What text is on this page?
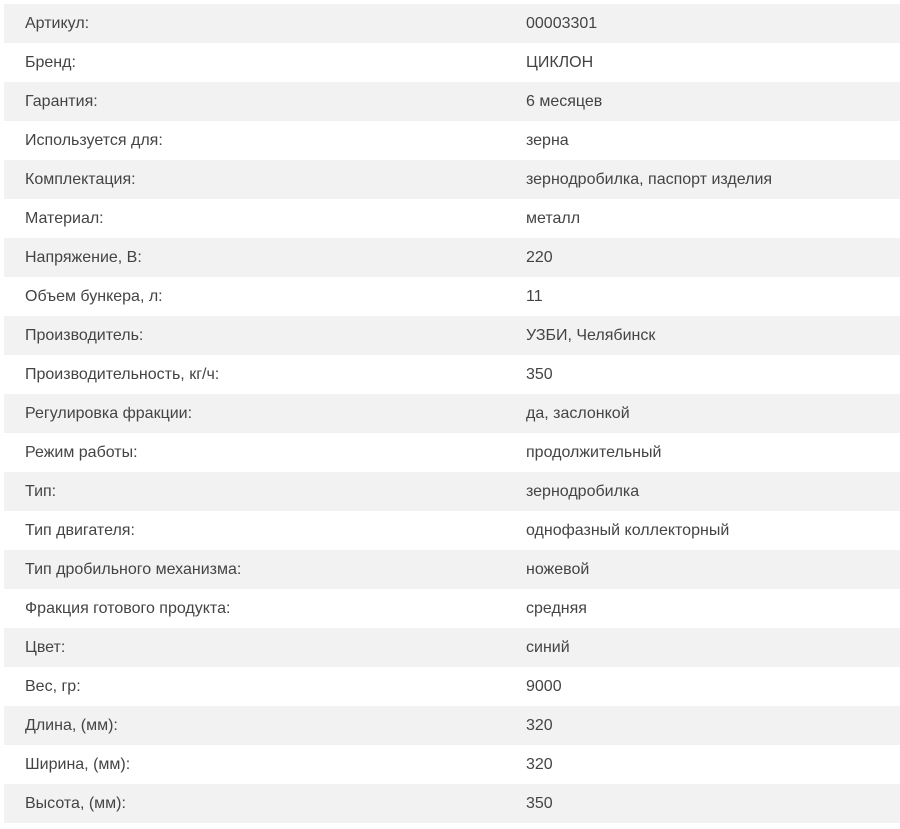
Артикул:	00003301
Бренд:	ЦИКЛОН
Гарантия:	6 месяцев
Используется для:	зерна
Комплектация:	зернодробилка, паспорт изделия
Материал:	металл
Напряжение, В:	220
Объем бункера, л:	11
Производитель:	УЗБИ, Челябинск
Производительность, кг/ч:	350
Регулировка фракции:	да, заслонкой
Режим работы:	продолжительный
Тип:	зернодробилка
Тип двигателя:	однофазный коллекторный
Тип дробильного механизма:	ножевой
Фракция готового продукта:	средняя
Цвет:	синий
Вес, гр:	9000
Длина, (мм):	320
Ширина, (мм):	320
Высота, (мм):	350
